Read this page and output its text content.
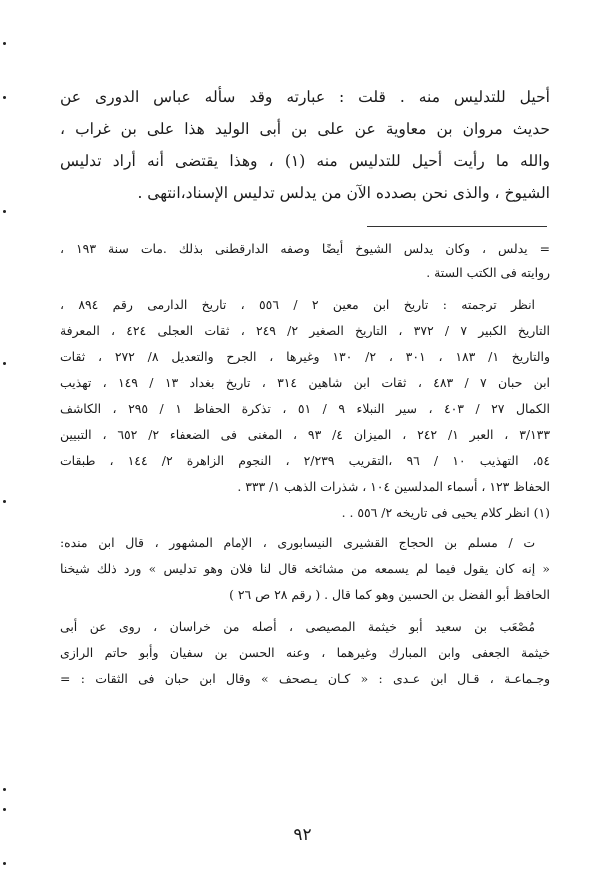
أحيل للتدليس منه . قلت : عبارته وقد سأله عباس الدورى عن
حديث مروان بن معاوية عن على بن أبى الوليد هذا على بن غراب ،
والله ما رأيت أحيل للتدليس منه (١) ، وهذا يقتضى أنه أراد تدليس
الشيوخ ، والذى نحن بصدده الآن من يدلس تدليس الإسناد،انتهى .
= يدلس ، وكان يدلس الشيوخ أيضًا وصفه الدارقطنى بذلك .مات سنة ١٩٣ ،
روايته فى الكتب الستة .
انظر ترجمته : تاريخ ابن معين ٢ / ٥٥٦ ، تاريخ الدارمى رقم ٨٩٤ ،
التاريخ الكبير ٧ / ٣٧٢ ، التاريخ الصغير ٢/ ٢٤٩ ، ثقات العجلى ٤٢٤ ، المعرفة
والتاريخ ١/ ١٨٣ ، ٣٠١ ، ٢/ ١٣٠ وغيرها ، الجرح والتعديل ٨/ ٢٧٢ ، ثقات
ابن حبان ٧ / ٤٨٣ ، ثقات ابن شاهين ٣١٤ ، تاريخ بغداد ١٣ / ١٤٩ ، تهذيب
الكمال ٢٧ / ٤٠٣ ، سير النبلاء ٩ / ٥١ ، تذكرة الحفاظ ١ / ٢٩٥ ، الكاشف
٣/١٣٣ ، العبر ١/ ٢٤٢ ، الميزان ٤/ ٩٣ ، المغنى فى الضعفاء ٢/ ٦٥٢ ، التبيين
٥٤، التهذيب ١٠ / ٩٦ ،التقريب ٢/٢٣٩ ، النجوم الزاهرة ٢/ ١٤٤ ، طبقات
الحفاظ ١٢٣ ، أسماء المدلسين ١٠٤ ، شذرات الذهب ١/ ٣٣٣ .
(١) انظر كلام يحيى فى تاريخه ٢/ ٥٥٦ . .
ت / مسلم بن الحجاج القشيرى النيسابورى ، الإمام المشهور ، قال ابن منده:
« إنه كان يقول فيما لم يسمعه من مشائخه قال لنا فلان وهو تدليس » ورد ذلك شيخنا
الحافظ أبو الفضل بن الحسين وهو كما قال . ( رقم ٢٨ ص ٢٦ )
مُصْعَب بن سعيد أبو خيثمة المصيصى ، أصله من خراسان ، روى عن أبى
خيثمة الجعفى وابن المبارك وغيرهما ، وعنه الحسن بن سفيان وأبو حاتم الرازى
وجـماعـة ، قـال ابن عـدى : « كـان يـصحف » وقال ابن حبان فى الثقات : =
٩٢
